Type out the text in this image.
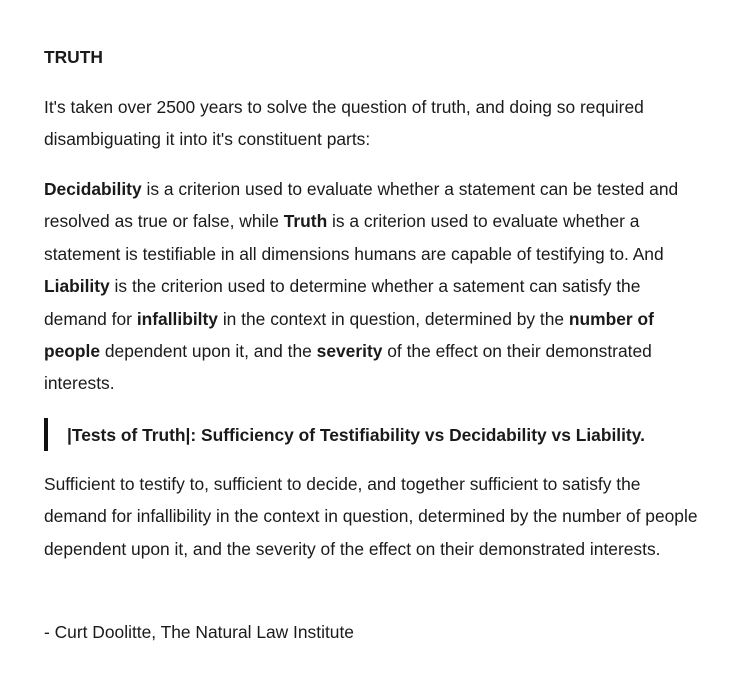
TRUTH

It's taken over 2500 years to solve the question of truth, and doing so required disambiguating it into it's constituent parts:

Decidability is a criterion used to evaluate whether a statement can be tested and resolved as true or false, while Truth is a criterion used to evaluate whether a statement is testifiable in all dimensions humans are capable of testifying to. And Liability is the criterion used to determine whether a satement can satisfy the demand for infallibilty in the context in question, determined by the number of people dependent upon it, and the severity of the effect on their demonstrated interests.

|Tests of Truth|: Sufficiency of Testifiability vs Decidability vs Liability.

Sufficient to testify to, sufficient to decide, and together sufficient to satisfy the demand for infallibility in the context in question, determined by the number of people dependent upon it, and the severity of the effect on their demonstrated interests.

- Curt Doolitte, The Natural Law Institute
